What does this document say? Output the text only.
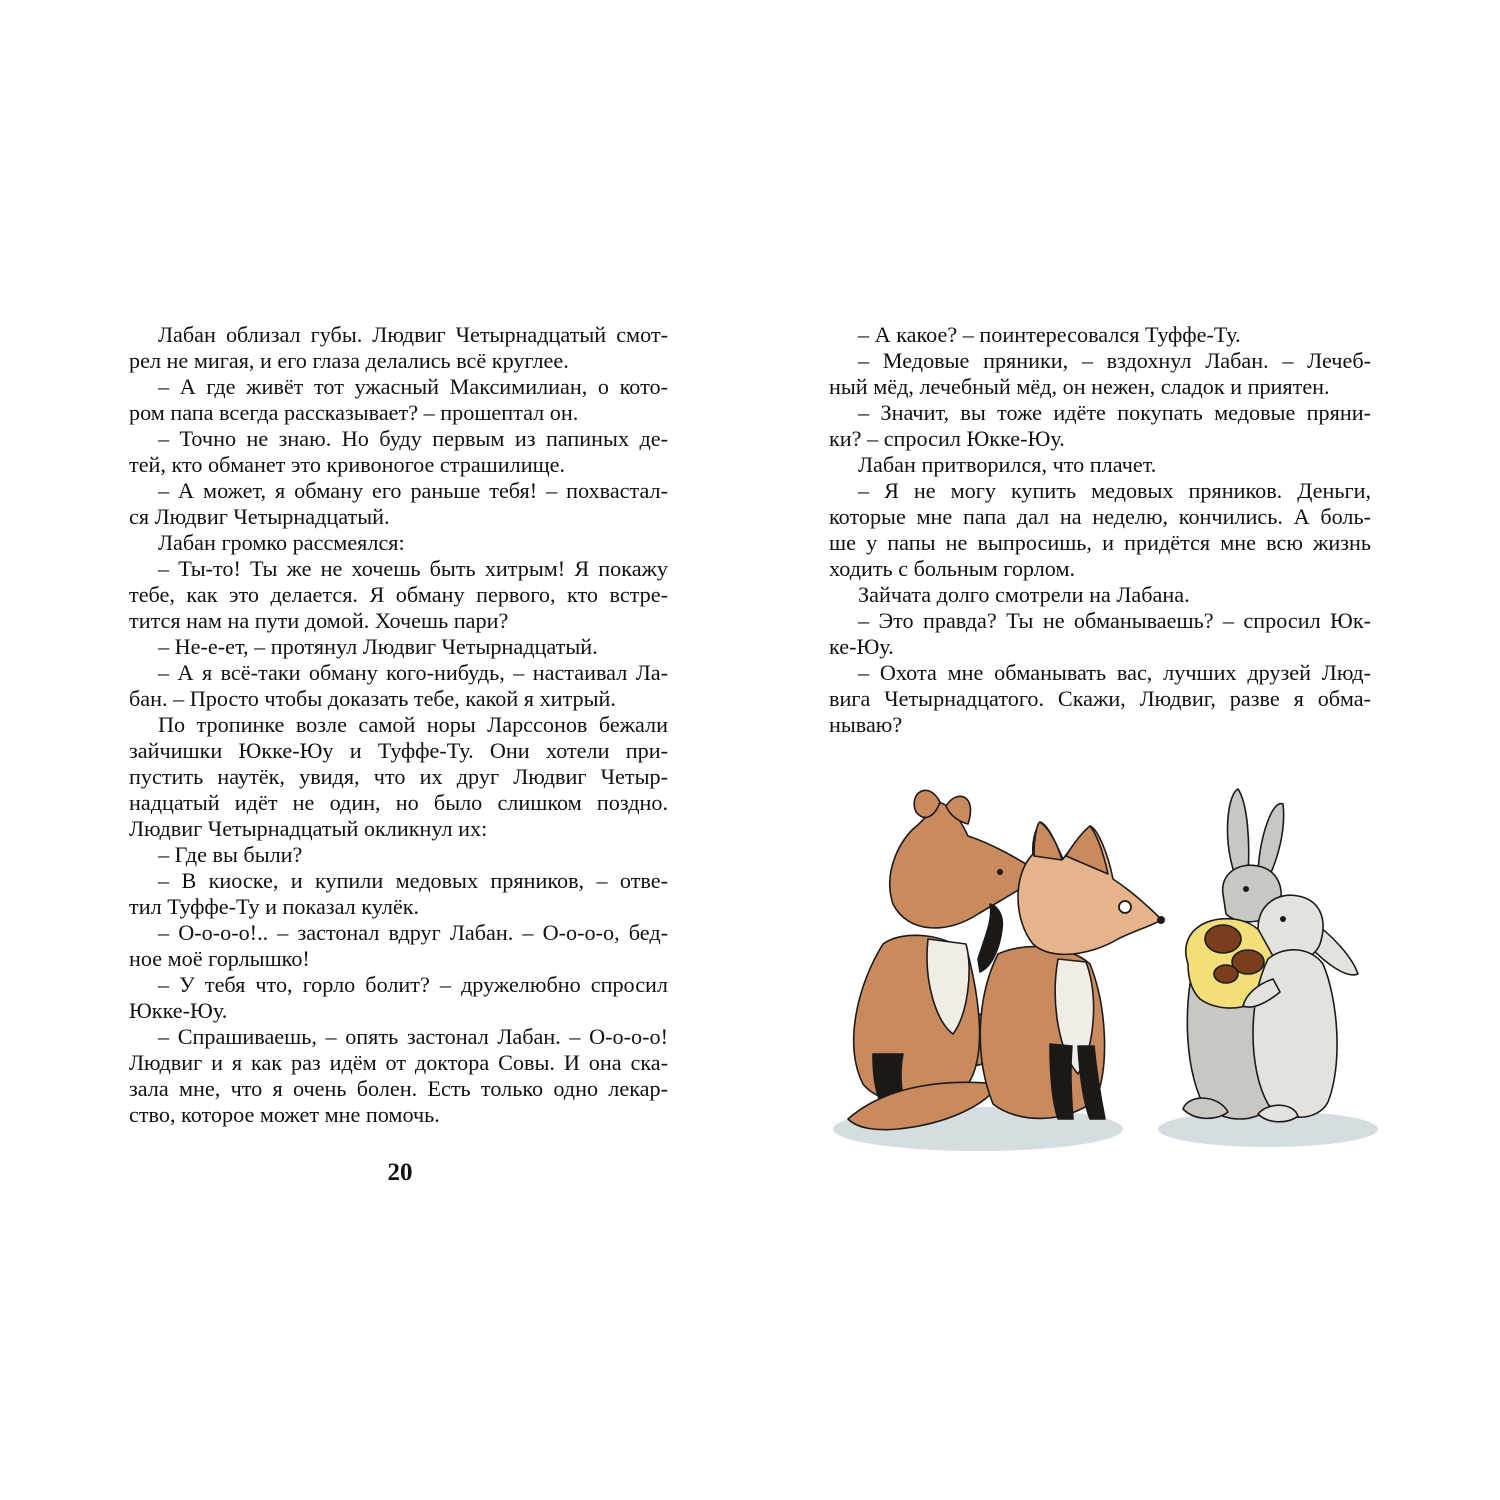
Лабан облизал губы. Людвиг Четырнадцатый смот-

рел не мигая, и его глаза делались всё круглее.

– А где живёт тот ужасный Максимилиан, о кото-

ром папа всегда рассказывает? – прошептал он.

– Точно не знаю. Но буду первым из папиных де-

тей, кто обманет это кривоногое страшилище.

– А может, я обману его раньше тебя! – похвастал-

ся Людвиг Четырнадцатый.

Лабан громко рассмеялся:

– Ты-то! Ты же не хочешь быть хитрым! Я покажу

тебе, как это делается. Я обману первого, кто встре-

тится нам на пути домой. Хочешь пари?

– Не-е-ет, – протянул Людвиг Четырнадцатый.

– А я всё-таки обману кого-нибудь, – настаивал Ла-

бан. – Просто чтобы доказать тебе, какой я хитрый.

По тропинке возле самой норы Ларссонов бежали

зайчишки Юкке-Юу и Туффе-Ту. Они хотели при-

пустить наутёк, увидя, что их друг Людвиг Четыр-

надцатый идёт не один, но было слишком поздно.

Людвиг Четырнадцатый окликнул их:

– Где вы были?

– В киоске, и купили медовых пряников, – отве-

тил Туффе-Ту и показал кулёк.

– О-о-о-о!.. – застонал вдруг Лабан. – О-о-о-о, бед-

ное моё горлышко!

– У тебя что, горло болит? – дружелюбно спросил

Юкке-Юу.

– Спрашиваешь, – опять застонал Лабан. – О-о-о-о!

Людвиг и я как раз идём от доктора Совы. И она ска-

зала мне, что я очень болен. Есть только одно лекар-

ство, которое может мне помочь.

20

– А какое? – поинтересовался Туффе-Ту.

– Медовые пряники, – вздохнул Лабан. – Лечеб-

ный мёд, лечебный мёд, он нежен, сладок и приятен.

– Значит, вы тоже идёте покупать медовые пряни-

ки? – спросил Юкке-Юу.

Лабан притворился, что плачет.

– Я не могу купить медовых пряников. Деньги,

которые мне папа дал на неделю, кончились. А боль-

ше у папы не выпросишь, и придётся мне всю жизнь

ходить с больным горлом.

Зайчата долго смотрели на Лабана.

– Это правда? Ты не обманываешь? – спросил Юк-

ке-Юу.

– Охота мне обманывать вас, лучших друзей Люд-

вига Четырнадцатого. Скажи, Людвиг, разве я обма-

нываю?
